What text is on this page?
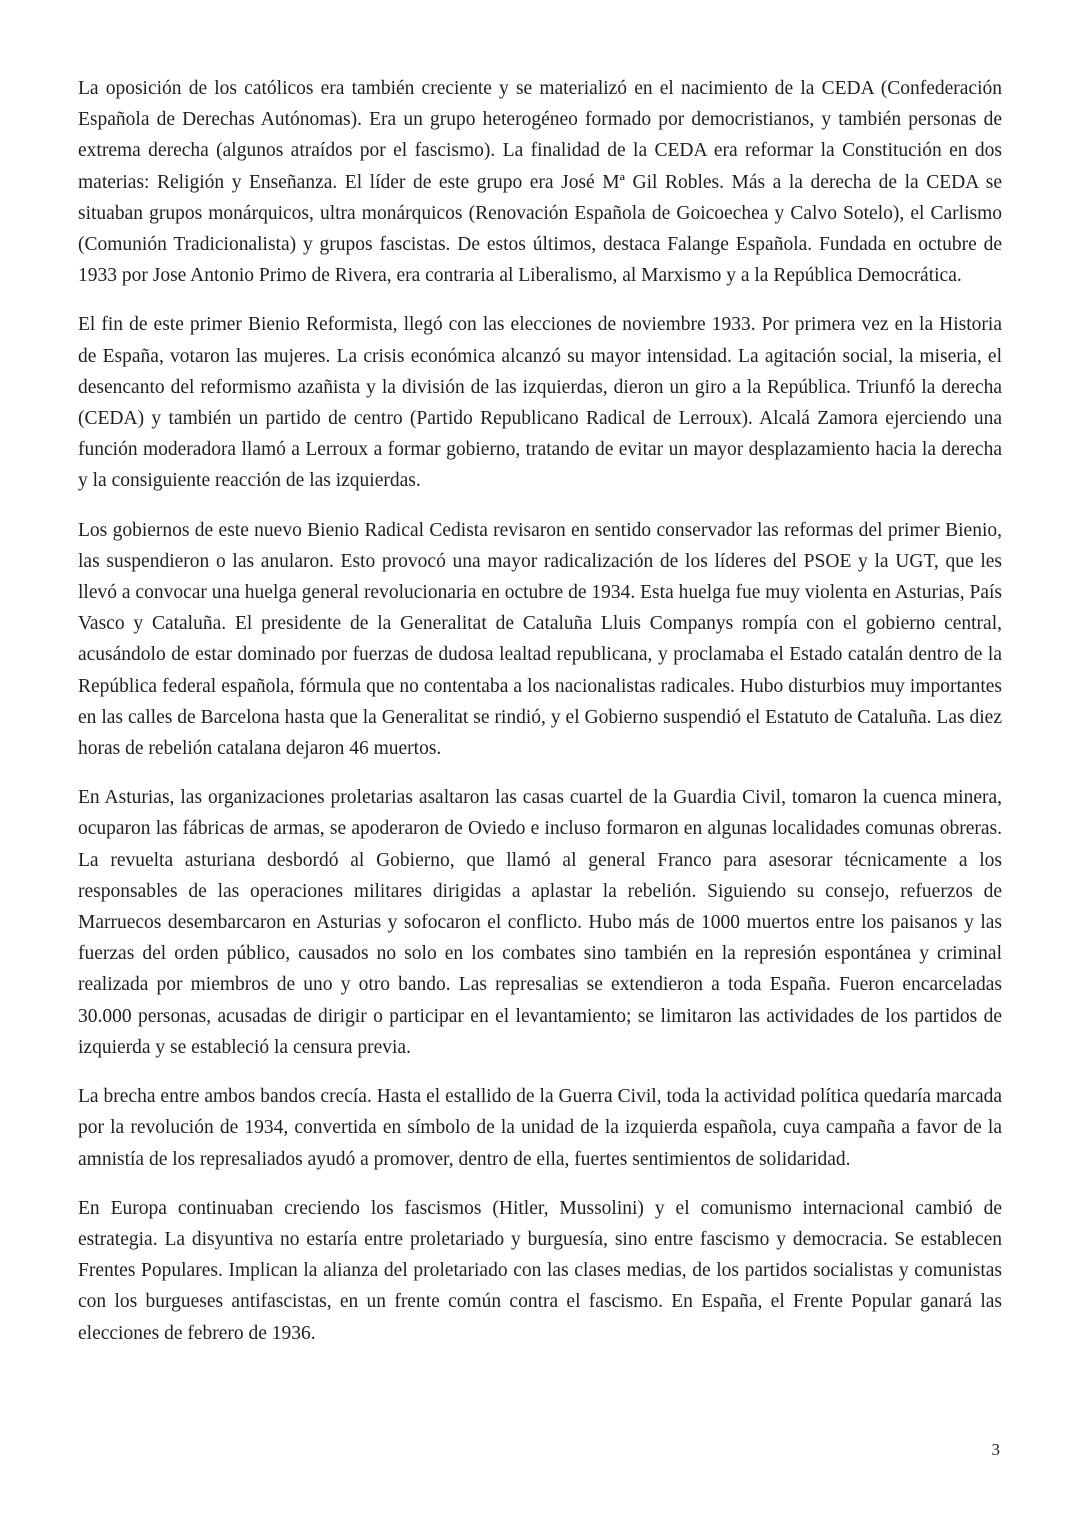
La oposición de los católicos era también creciente y se materializó en el nacimiento de la CEDA (Confederación Española de Derechas Autónomas). Era un grupo heterogéneo formado por democristianos, y también personas de extrema derecha (algunos atraídos por el fascismo). La finalidad de la CEDA era reformar la Constitución en dos materias: Religión y Enseñanza. El líder de este grupo era José Mª Gil Robles. Más a la derecha de la CEDA se situaban grupos monárquicos, ultra monárquicos (Renovación Española de Goicoechea y Calvo Sotelo), el Carlismo (Comunión Tradicionalista) y grupos fascistas. De estos últimos, destaca Falange Española. Fundada en octubre de 1933 por Jose Antonio Primo de Rivera, era contraria al Liberalismo, al Marxismo y a la República Democrática.

El fin de este primer Bienio Reformista, llegó con las elecciones de noviembre 1933. Por primera vez en la Historia de España, votaron las mujeres. La crisis económica alcanzó su mayor intensidad. La agitación social, la miseria, el desencanto del reformismo azañista y la división de las izquierdas, dieron un giro a la República. Triunfó la derecha (CEDA) y también un partido de centro (Partido Republicano Radical de Lerroux). Alcalá Zamora ejerciendo una función moderadora llamó a Lerroux a formar gobierno, tratando de evitar un mayor desplazamiento hacia la derecha y la consiguiente reacción de las izquierdas.

Los gobiernos de este nuevo Bienio Radical Cedista revisaron en sentido conservador las reformas del primer Bienio, las suspendieron o las anularon. Esto provocó una mayor radicalización de los líderes del PSOE y la UGT, que les llevó a convocar una huelga general revolucionaria en octubre de 1934. Esta huelga fue muy violenta en Asturias, País Vasco y Cataluña. El presidente de la Generalitat de Cataluña Lluis Companys rompía con el gobierno central, acusándolo de estar dominado por fuerzas de dudosa lealtad republicana, y proclamaba el Estado catalán dentro de la República federal española, fórmula que no contentaba a los nacionalistas radicales. Hubo disturbios muy importantes en las calles de Barcelona hasta que la Generalitat se rindió, y el Gobierno suspendió el Estatuto de Cataluña. Las diez horas de rebelión catalana dejaron 46 muertos.

En Asturias, las organizaciones proletarias asaltaron las casas cuartel de la Guardia Civil, tomaron la cuenca minera, ocuparon las fábricas de armas, se apoderaron de Oviedo e incluso formaron en algunas localidades comunas obreras. La revuelta asturiana desbordó al Gobierno, que llamó al general Franco para asesorar técnicamente a los responsables de las operaciones militares dirigidas a aplastar la rebelión. Siguiendo su consejo, refuerzos de Marruecos desembarcaron en Asturias y sofocaron el conflicto. Hubo más de 1000 muertos entre los paisanos y las fuerzas del orden público, causados no solo en los combates sino también en la represión espontánea y criminal realizada por miembros de uno y otro bando. Las represalias se extendieron a toda España. Fueron encarceladas 30.000 personas, acusadas de dirigir o participar en el levantamiento; se limitaron las actividades de los partidos de izquierda y se estableció la censura previa.

La brecha entre ambos bandos crecía. Hasta el estallido de la Guerra Civil, toda la actividad política quedaría marcada por la revolución de 1934, convertida en símbolo de la unidad de la izquierda española, cuya campaña a favor de la amnistía de los represaliados ayudó a promover, dentro de ella, fuertes sentimientos de solidaridad.

En Europa continuaban creciendo los fascismos (Hitler, Mussolini) y el comunismo internacional cambió de estrategia. La disyuntiva no estaría entre proletariado y burguesía, sino entre fascismo y democracia. Se establecen Frentes Populares. Implican la alianza del proletariado con las clases medias, de los partidos socialistas y comunistas con los burgueses antifascistas, en un frente común contra el fascismo. En España, el Frente Popular ganará las elecciones de febrero de 1936.

3
